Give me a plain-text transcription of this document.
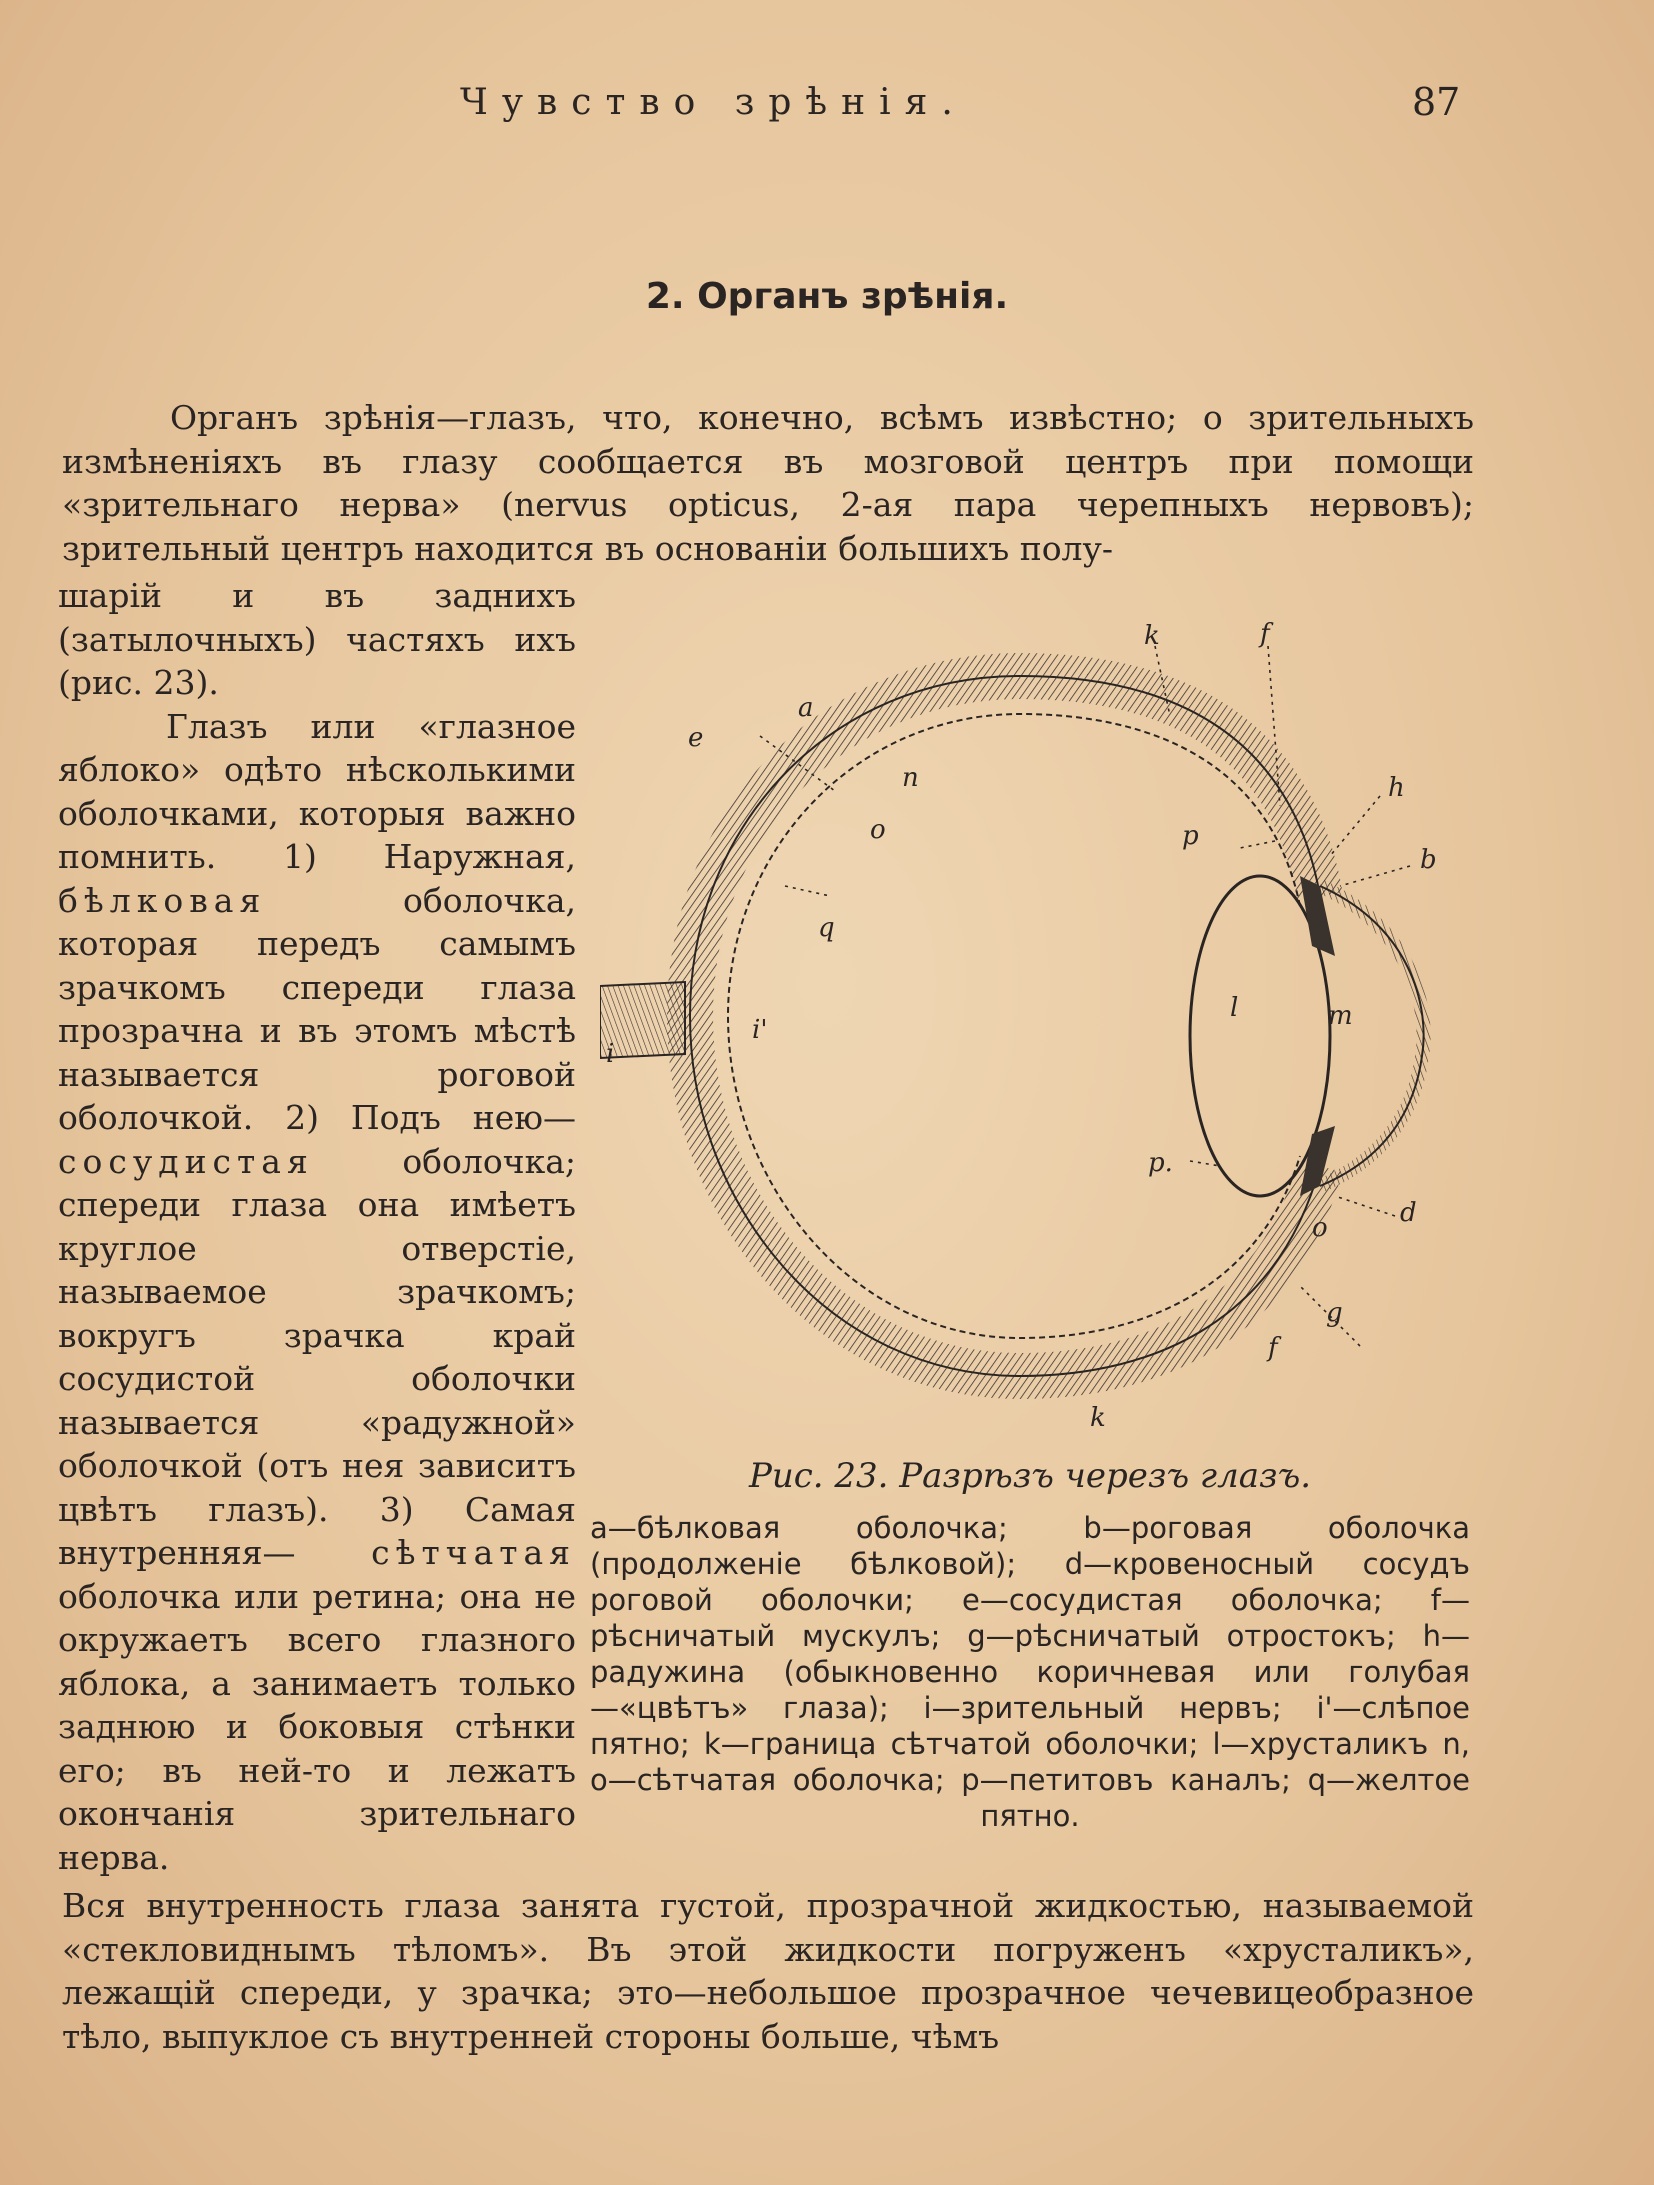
Чувство зрѣнія.	87
2. Органъ зрѣнія.

Органъ зрѣнія—глазъ, что, конечно, всѣмъ извѣстно; о зрительныхъ измѣненіяхъ въ глазу сообщается въ мозговой центръ при помощи «зрительнаго нерва» (nervus opticus, 2-ая пара черепныхъ нервовъ); зрительный центръ находится въ основаніи большихъ полу-

шарій и въ заднихъ (затылочныхъ) частяхъ ихъ (рис. 23).

Глазъ или «глазное яблоко» одѣто нѣсколькими оболочками, которыя важно помнить. 1) Наружная, бѣлковая оболочка, которая передъ самымъ зрачкомъ спереди глаза прозрачна и въ этомъ мѣстѣ называется роговой оболочкой. 2) Подъ нею— сосудистая оболочка; спереди глаза она имѣетъ круглое отверстіе, называемое зрачкомъ; вокругъ зрачка край сосудистой оболочки называется «радужной» оболочкой (отъ нея зависитъ цвѣтъ глазъ). 3) Самая внутренняя— сѣтчатая оболочка или ретина; она не окружаетъ всего глазного яблока, а занимаетъ только заднюю и боковыя стѣнки его; въ ней-то и лежатъ окончанія зрительнаго нерва.

k	f
a
e
n
o
h
b
p
q
i'
i
l	m
p.
o	d
g
f
k
Рис. 23. Разрѣзъ черезъ глазъ.

a—бѣлковая оболочка; b—роговая оболочка (продолженіе бѣлковой); d—кровеносный сосудъ роговой оболочки; e—сосудистая оболочка; f—рѣсничатый мускулъ; g—рѣсничатый отростокъ; h—радужина (обыкновенно коричневая или голубая—«цвѣтъ» глаза); i—зрительный нервъ; i'—слѣпое пятно; k—граница сѣтчатой оболочки; l—хрусталикъ n, o—сѣтчатая оболочка; p—петитовъ каналъ; q—желтое пятно.

Вся внутренность глаза занята густой, прозрачной жидкостью, называемой «стекловиднымъ тѣломъ». Въ этой жидкости погруженъ «хрусталикъ», лежащій спереди, у зрачка; это—небольшое прозрачное чечевицеобразное тѣло, выпуклое съ внутренней стороны больше, чѣмъ
